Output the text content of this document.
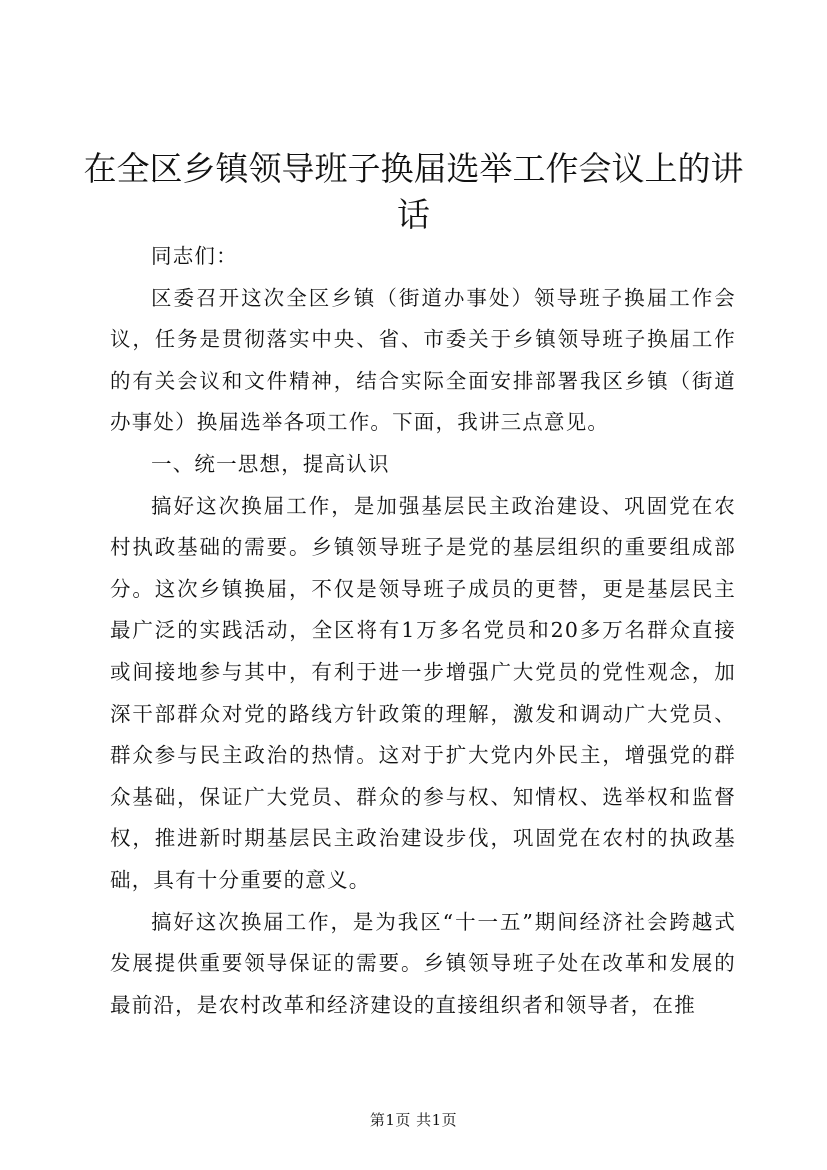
在全区乡镇领导班子换届选举工作会议上的讲话

同志们：

区委召开这次全区乡镇（街道办事处）领导班子换届工作会议，任务是贯彻落实中央、省、市委关于乡镇领导班子换届工作的有关会议和文件精神，结合实际全面安排部署我区乡镇（街道办事处）换届选举各项工作。下面，我讲三点意见。

一、统一思想，提高认识

搞好这次换届工作，是加强基层民主政治建设、巩固党在农村执政基础的需要。乡镇领导班子是党的基层组织的重要组成部分。这次乡镇换届，不仅是领导班子成员的更替，更是基层民主最广泛的实践活动，全区将有1万多名党员和20多万名群众直接或间接地参与其中，有利于进一步增强广大党员的党性观念，加深干部群众对党的路线方针政策的理解，激发和调动广大党员、群众参与民主政治的热情。这对于扩大党内外民主，增强党的群众基础，保证广大党员、群众的参与权、知情权、选举权和监督权，推进新时期基层民主政治建设步伐，巩固党在农村的执政基础，具有十分重要的意义。

搞好这次换届工作，是为我区“十一五”期间经济社会跨越式发展提供重要领导保证的需要。乡镇领导班子处在改革和发展的最前沿，是农村改革和经济建设的直接组织者和领导者，在推

第1页 共1页
